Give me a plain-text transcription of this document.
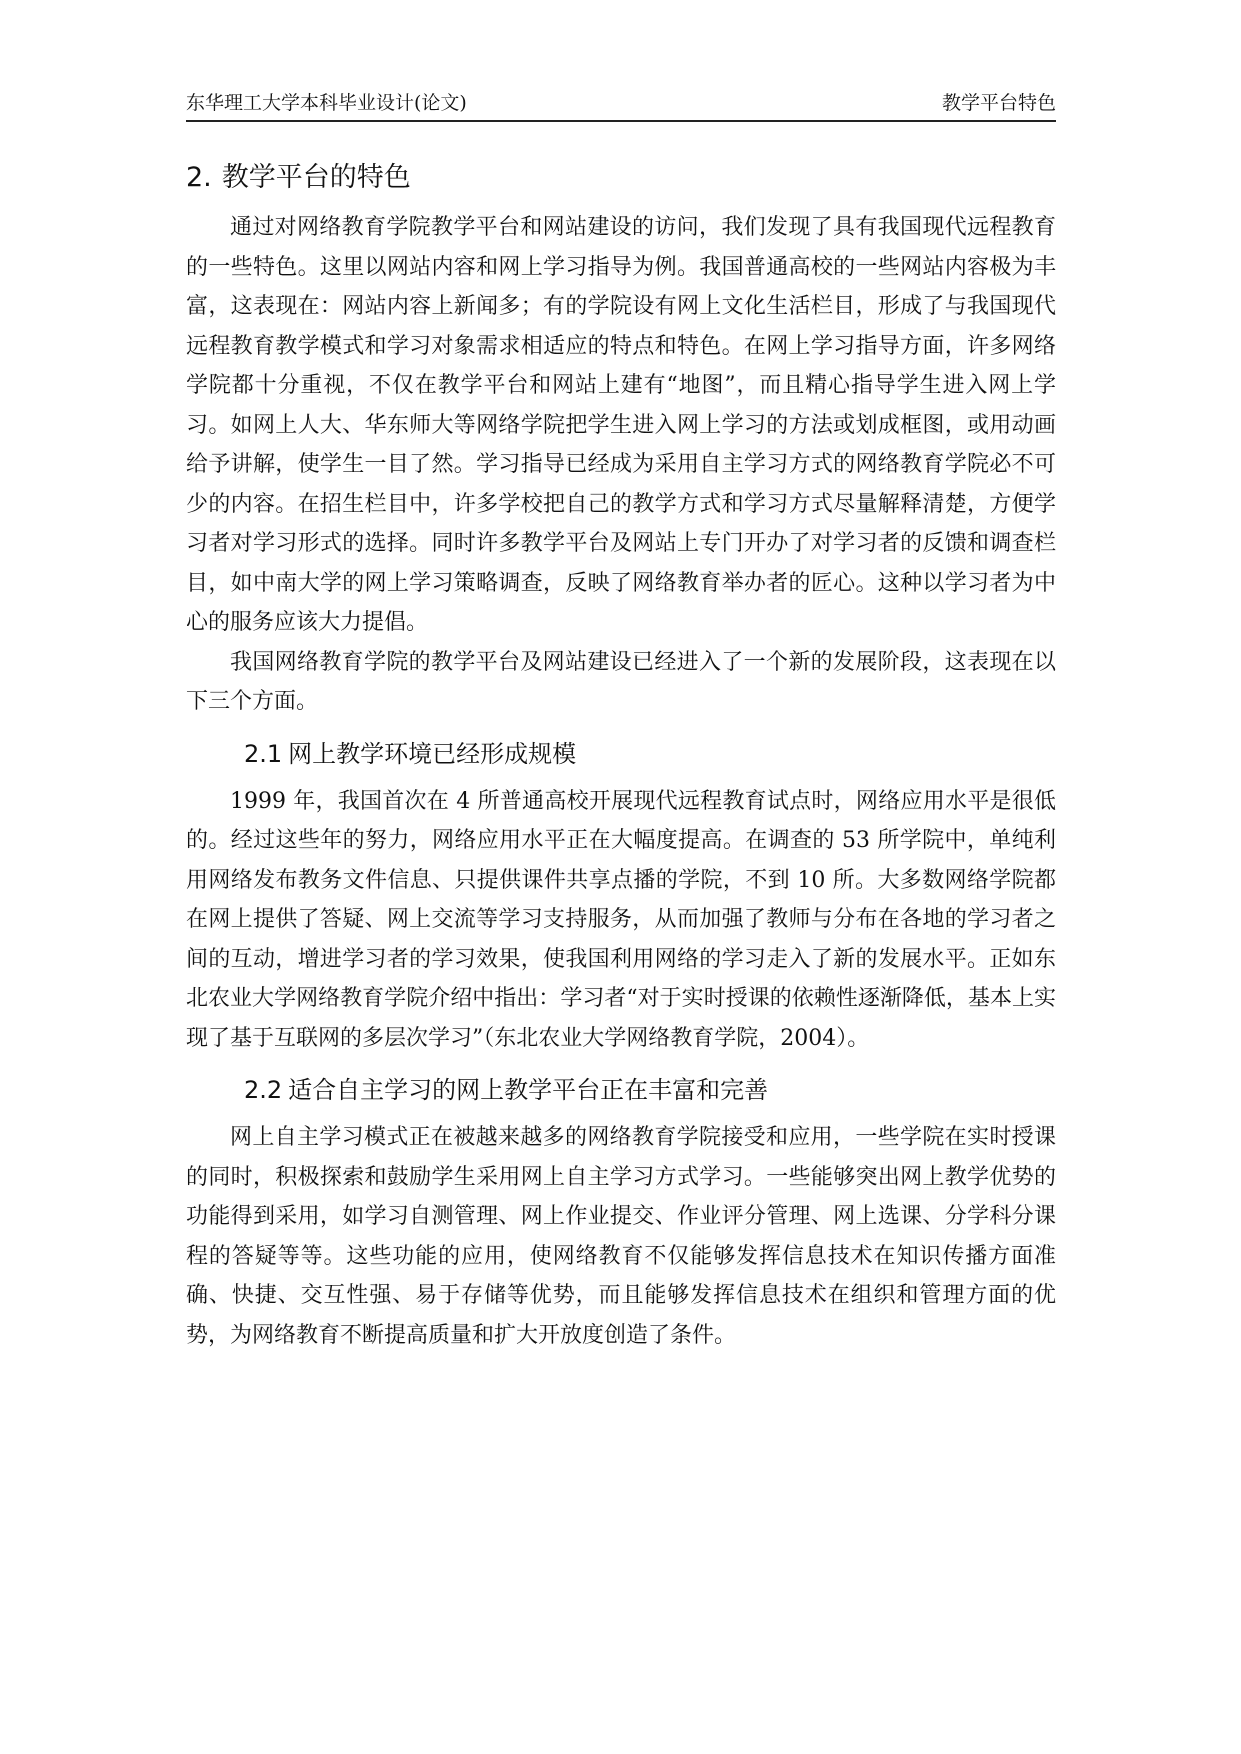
东华理工大学本科毕业设计(论文)	教学平台特色
2. 教学平台的特色

通过对网络教育学院教学平台和网站建设的访问，我们发现了具有我国现代远程教育的一些特色。这里以网站内容和网上学习指导为例。我国普通高校的一些网站内容极为丰富，这表现在：网站内容上新闻多；有的学院设有网上文化生活栏目，形成了与我国现代远程教育教学模式和学习对象需求相适应的特点和特色。在网上学习指导方面，许多网络学院都十分重视，不仅在教学平台和网站上建有“地图”，而且精心指导学生进入网上学习。如网上人大、华东师大等网络学院把学生进入网上学习的方法或划成框图，或用动画给予讲解，使学生一目了然。学习指导已经成为采用自主学习方式的网络教育学院必不可少的内容。在招生栏目中，许多学校把自己的教学方式和学习方式尽量解释清楚，方便学习者对学习形式的选择。同时许多教学平台及网站上专门开办了对学习者的反馈和调查栏目，如中南大学的网上学习策略调查，反映了网络教育举办者的匠心。这种以学习者为中心的服务应该大力提倡。

我国网络教育学院的教学平台及网站建设已经进入了一个新的发展阶段，这表现在以下三个方面。

2.1 网上教学环境已经形成规模

1999 年，我国首次在 4 所普通高校开展现代远程教育试点时，网络应用水平是很低的。经过这些年的努力，网络应用水平正在大幅度提高。在调查的 53 所学院中，单纯利用网络发布教务文件信息、只提供课件共享点播的学院，不到 10 所。大多数网络学院都在网上提供了答疑、网上交流等学习支持服务，从而加强了教师与分布在各地的学习者之间的互动，增进学习者的学习效果，使我国利用网络的学习走入了新的发展水平。正如东北农业大学网络教育学院介绍中指出：学习者“对于实时授课的依赖性逐渐降低，基本上实现了基于互联网的多层次学习”（东北农业大学网络教育学院，2004）。

2.2 适合自主学习的网上教学平台正在丰富和完善

网上自主学习模式正在被越来越多的网络教育学院接受和应用，一些学院在实时授课的同时，积极探索和鼓励学生采用网上自主学习方式学习。一些能够突出网上教学优势的功能得到采用，如学习自测管理、网上作业提交、作业评分管理、网上选课、分学科分课程的答疑等等。这些功能的应用，使网络教育不仅能够发挥信息技术在知识传播方面准确、快捷、交互性强、易于存储等优势，而且能够发挥信息技术在组织和管理方面的优势，为网络教育不断提高质量和扩大开放度创造了条件。
